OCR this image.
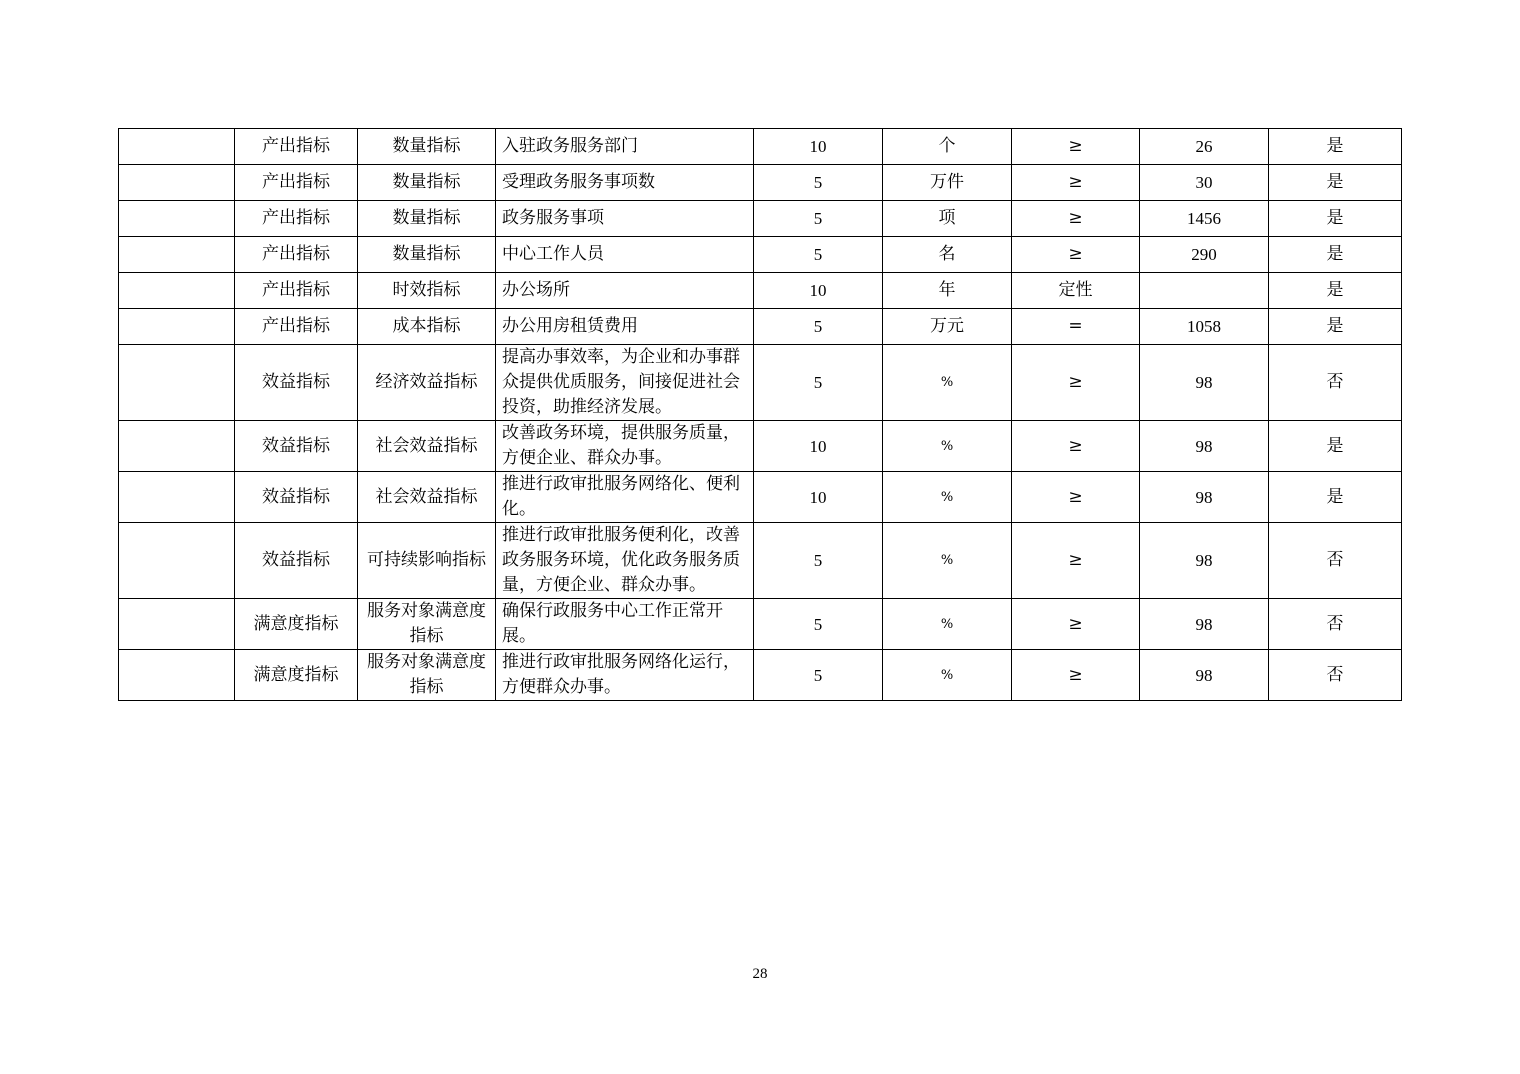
	产出指标	数量指标	入驻政务服务部门	10	个	≥	26	是
	产出指标	数量指标	受理政务服务事项数	5	万件	≥	30	是
	产出指标	数量指标	政务服务事项	5	项	≥	1456	是
	产出指标	数量指标	中心工作人员	5	名	≥	290	是
	产出指标	时效指标	办公场所	10	年	定性		是
	产出指标	成本指标	办公用房租赁费用	5	万元	=	1058	是
	效益指标	经济效益指标	提高办事效率，为企业和办事群众提供优质服务，间接促进社会投资，助推经济发展。	5	%	≥	98	否
	效益指标	社会效益指标	改善政务环境，提供服务质量，方便企业、群众办事。	10	%	≥	98	是
	效益指标	社会效益指标	推进行政审批服务网络化、便利化。	10	%	≥	98	是
	效益指标	可持续影响指标	推进行政审批服务便利化，改善政务服务环境，优化政务服务质量，方便企业、群众办事。	5	%	≥	98	否
	满意度指标	服务对象满意度指标	确保行政服务中心工作正常开展。	5	%	≥	98	否
	满意度指标	服务对象满意度指标	推进行政审批服务网络化运行，方便群众办事。	5	%	≥	98	否
28
